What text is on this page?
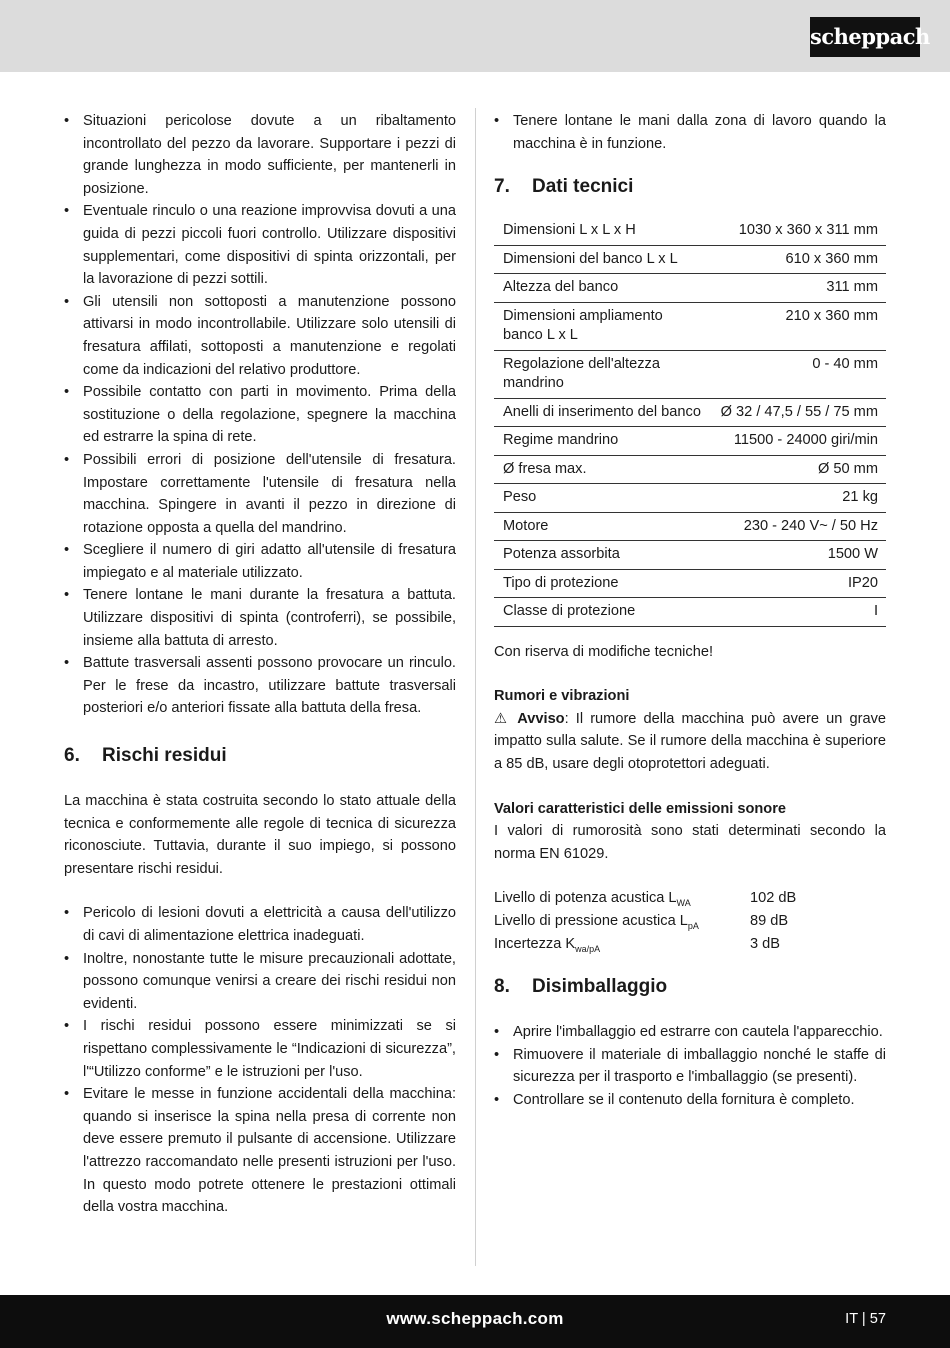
scheppach
• Situazioni pericolose dovute a un ribaltamento incontrollato del pezzo da lavorare. Supportare i pezzi di grande lunghezza in modo sufficiente, per mantenerli in posizione.
• Eventuale rinculo o una reazione improvvisa dovuti a una guida di pezzi piccoli fuori controllo. Utilizzare dispositivi supplementari, come dispositivi di spinta orizzontali, per la lavorazione di pezzi sottili.
• Gli utensili non sottoposti a manutenzione possono attivarsi in modo incontrollabile. Utilizzare solo utensili di fresatura affilati, sottoposti a manutenzione e regolati come da indicazioni del relativo produttore.
• Possibile contatto con parti in movimento. Prima della sostituzione o della regolazione, spegnere la macchina ed estrarre la spina di rete.
• Possibili errori di posizione dell'utensile di fresatura. Impostare correttamente l'utensile di fresatura nella macchina. Spingere in avanti il pezzo in direzione di rotazione opposta a quella del mandrino.
• Scegliere il numero di giri adatto all'utensile di fresatura impiegato e al materiale utilizzato.
• Tenere lontane le mani durante la fresatura a battuta. Utilizzare dispositivi di spinta (controferri), se possibile, insieme alla battuta di arresto.
• Battute trasversali assenti possono provocare un rinculo. Per le frese da incastro, utilizzare battute trasversali posteriori e/o anteriori fissate alla battuta della fresa.
6.	Rischi residui

La macchina è stata costruita secondo lo stato attuale della tecnica e conformemente alle regole di tecnica di sicurezza riconosciute. Tuttavia, durante il suo impiego, si possono presentare rischi residui.

• Pericolo di lesioni dovuti a elettricità a causa dell'utilizzo di cavi di alimentazione elettrica inadeguati.
• Inoltre, nonostante tutte le misure precauzionali adottate, possono comunque venirsi a creare dei rischi residui non evidenti.
• I rischi residui possono essere minimizzati se si rispettano complessivamente le “Indicazioni di sicurezza”, l'“Utilizzo conforme” e le istruzioni per l'uso.
• Evitare le messe in funzione accidentali della macchina: quando si inserisce la spina nella presa di corrente non deve essere premuto il pulsante di accensione. Utilizzare l'attrezzo raccomandato nelle presenti istruzioni per l'uso. In questo modo potrete ottenere le prestazioni ottimali della vostra macchina.
• Tenere lontane le mani dalla zona di lavoro quando la macchina è in funzione.
7.	Dati tecnici
Dimensioni L x L x H	1030 x 360 x 311 mm
Dimensioni del banco L x L	610 x 360 mm
Altezza del banco	311 mm
Dimensioni ampliamento banco L x L	210 x 360 mm
Regolazione dell'altezza mandrino	0 - 40 mm
Anelli di inserimento del banco	Ø 32 / 47,5 / 55 / 75 mm
Regime mandrino	11500 - 24000 giri/min
Ø fresa max.	Ø 50 mm
Peso	21 kg
Motore	230 - 240 V~ / 50 Hz
Potenza assorbita	1500 W
Tipo di protezione	IP20
Classe di protezione	I

Con riserva di modifiche tecniche!

Rumori e vibrazioni

⚠ Avviso: Il rumore della macchina può avere un grave impatto sulla salute. Se il rumore della macchina è superiore a 85 dB, usare degli otoprotettori adeguati.

Valori caratteristici delle emissioni sonore

I valori di rumorosità sono stati determinati secondo la norma EN 61029.

Livello di potenza acustica $L_{WA}$	102 dB
Livello di pressione acustica $L_{pA}$	89 dB
Incertezza $K_{wa/pA}$	3 dB
8.	Disimballaggio
• Aprire l'imballaggio ed estrarre con cautela l'apparecchio.
• Rimuovere il materiale di imballaggio nonché le staffe di sicurezza per il trasporto e l'imballaggio (se presenti).
• Controllare se il contenuto della fornitura è completo.
www.scheppach.com	IT | 57
